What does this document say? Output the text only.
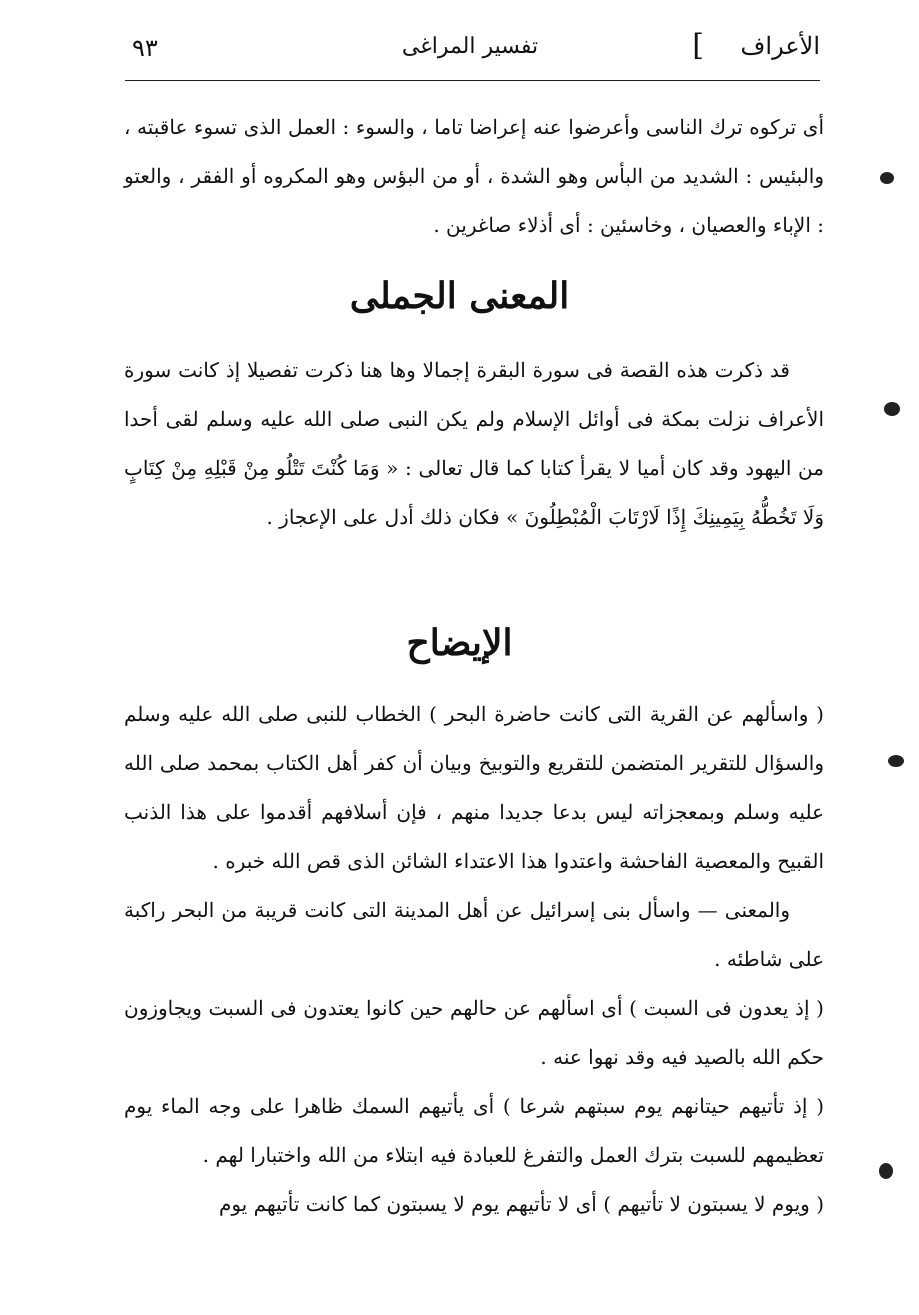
الأعراف
]
تفسير المراغى
٩٣

أى تركوه ترك الناسى وأعرضوا عنه إعراضا تاما ، والسوء : العمل الذى تسوء عاقبته ، والبئيس : الشديد من البأس وهو الشدة ، أو من البؤس وهو المكروه أو الفقر ، والعتو : الإباء والعصيان ، وخاسئين : أى أذلاء صاغرين .

المعنى الجملى

قد ذكرت هذه القصة فى سورة البقرة إجمالا وها هنا ذكرت تفصيلا إذ كانت سورة الأعراف نزلت بمكة فى أوائل الإسلام ولم يكن النبى صلى الله عليه وسلم لقى أحدا من اليهود وقد كان أميا لا يقرأ كتابا كما قال تعالى : « وَمَا كُنْتَ تَتْلُو مِنْ قَبْلِهِ مِنْ كِتَابٍ وَلَا تَخُطُّهُ بِيَمِينِكَ إِذًا لَارْتَابَ الْمُبْطِلُونَ » فكان ذلك أدل على الإعجاز .

الإيضاح

( واسألهم عن القرية التى كانت حاضرة البحر ) الخطاب للنبى صلى الله عليه وسلم والسؤال للتقرير المتضمن للتقريع والتوبيخ وبيان أن كفر أهل الكتاب بمحمد صلى الله عليه وسلم وبمعجزاته ليس بدعا جديدا منهم ، فإن أسلافهم أقدموا على هذا الذنب القبيح والمعصية الفاحشة واعتدوا هذا الاعتداء الشائن الذى قص الله خبره .

والمعنى — واسأل بنى إسرائيل عن أهل المدينة التى كانت قريبة من البحر راكبة على شاطئه .

( إذ يعدون فى السبت ) أى اسألهم عن حالهم حين كانوا يعتدون فى السبت ويجاوزون حكم الله بالصيد فيه وقد نهوا عنه .

( إذ تأتيهم حيتانهم يوم سبتهم شرعا ) أى يأتيهم السمك ظاهرا على وجه الماء يوم تعظيمهم للسبت بترك العمل والتفرغ للعبادة فيه ابتلاء من الله واختبارا لهم .

( ويوم لا يسبتون لا تأتيهم ) أى لا تأتيهم يوم لا يسبتون كما كانت تأتيهم يوم
